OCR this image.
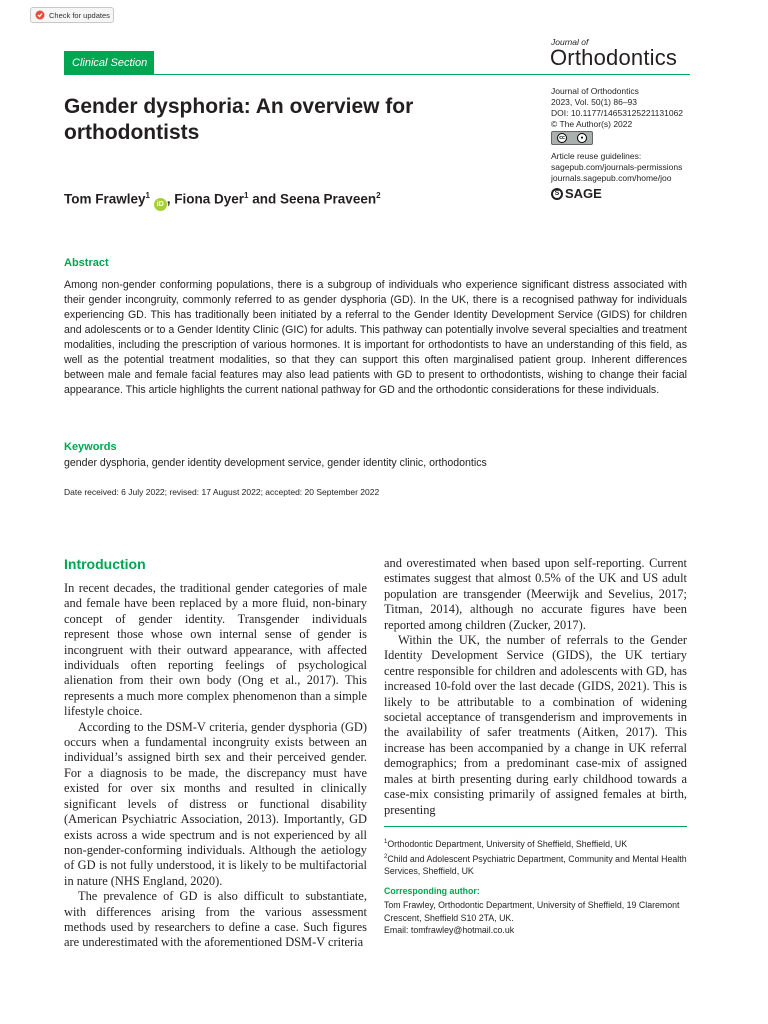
Check for updates
Clinical Section
Gender dysphoria: An overview for orthodontists
Journal of
Orthodontics
Journal of Orthodontics
2023, Vol. 50(1) 86–93
DOI: 10.1177/14653125221131062
© The Author(s) 2022
cc	●
Article reuse guidelines:
sagepub.com/journals-permissions
journals.sagepub.com/home/joo
S SAGE
Tom Frawley$^1$ iD , Fiona Dyer$^1$ and Seena Praveen$^2$
Abstract

Among non-gender conforming populations, there is a subgroup of individuals who experience significant distress associated with their gender incongruity, commonly referred to as gender dysphoria (GD). In the UK, there is a recognised pathway for individuals experiencing GD. This has traditionally been initiated by a referral to the Gender Identity Development Service (GIDS) for children and adolescents or to a Gender Identity Clinic (GIC) for adults. This pathway can potentially involve several specialties and treatment modalities, including the prescription of various hormones. It is important for orthodontists to have an understanding of this field, as well as the potential treatment modalities, so that they can support this often marginalised patient group. Inherent differences between male and female facial features may also lead patients with GD to present to orthodontists, wishing to change their facial appearance. This article highlights the current national pathway for GD and the orthodontic considerations for these individuals.

Keywords
gender dysphoria, gender identity development service, gender identity clinic, orthodontics
Date received: 6 July 2022; revised: 17 August 2022; accepted: 20 September 2022
Introduction

In recent decades, the traditional gender categories of male and female have been replaced by a more fluid, non-binary concept of gender identity. Transgender individuals represent those whose own internal sense of gender is incongruent with their outward appearance, with affected individuals often reporting feelings of psychological alienation from their own body (Ong et al., 2017). This represents a much more complex phenomenon than a simple lifestyle choice.

According to the DSM-V criteria, gender dysphoria (GD) occurs when a fundamental incongruity exists between an individual’s assigned birth sex and their perceived gender. For a diagnosis to be made, the discrepancy must have existed for over six months and resulted in clinically significant levels of distress or functional disability (American Psychiatric Association, 2013). Importantly, GD exists across a wide spectrum and is not experienced by all non-gender-conforming individuals. Although the aetiology of GD is not fully understood, it is likely to be multifactorial in nature (NHS England, 2020).

The prevalence of GD is also difficult to substantiate, with differences arising from the various assessment methods used by researchers to define a case. Such figures are underestimated with the aforementioned DSM-V criteria

and overestimated when based upon self-reporting. Current estimates suggest that almost 0.5% of the UK and US adult population are transgender (Meerwijk and Sevelius, 2017; Titman, 2014), although no accurate figures have been reported among children (Zucker, 2017).

Within the UK, the number of referrals to the Gender Identity Development Service (GIDS), the UK tertiary centre responsible for children and adolescents with GD, has increased 10-fold over the last decade (GIDS, 2021). This is likely to be attributable to a combination of widening societal acceptance of transgenderism and improvements in the availability of safer treatments (Aitken, 2017). This increase has been accompanied by a change in UK referral demographics; from a predominant case-mix of assigned males at birth presenting during early childhood towards a case-mix consisting primarily of assigned females at birth, presenting

$^1$Orthodontic Department, University of Sheffield, Sheffield, UK
$^2$Child and Adolescent Psychiatric Department, Community and Mental Health Services, Sheffield, UK
Corresponding author:
Tom Frawley, Orthodontic Department, University of Sheffield, 19 Claremont Crescent, Sheffield S10 2TA, UK.
Email: tomfrawley@hotmail.co.uk
